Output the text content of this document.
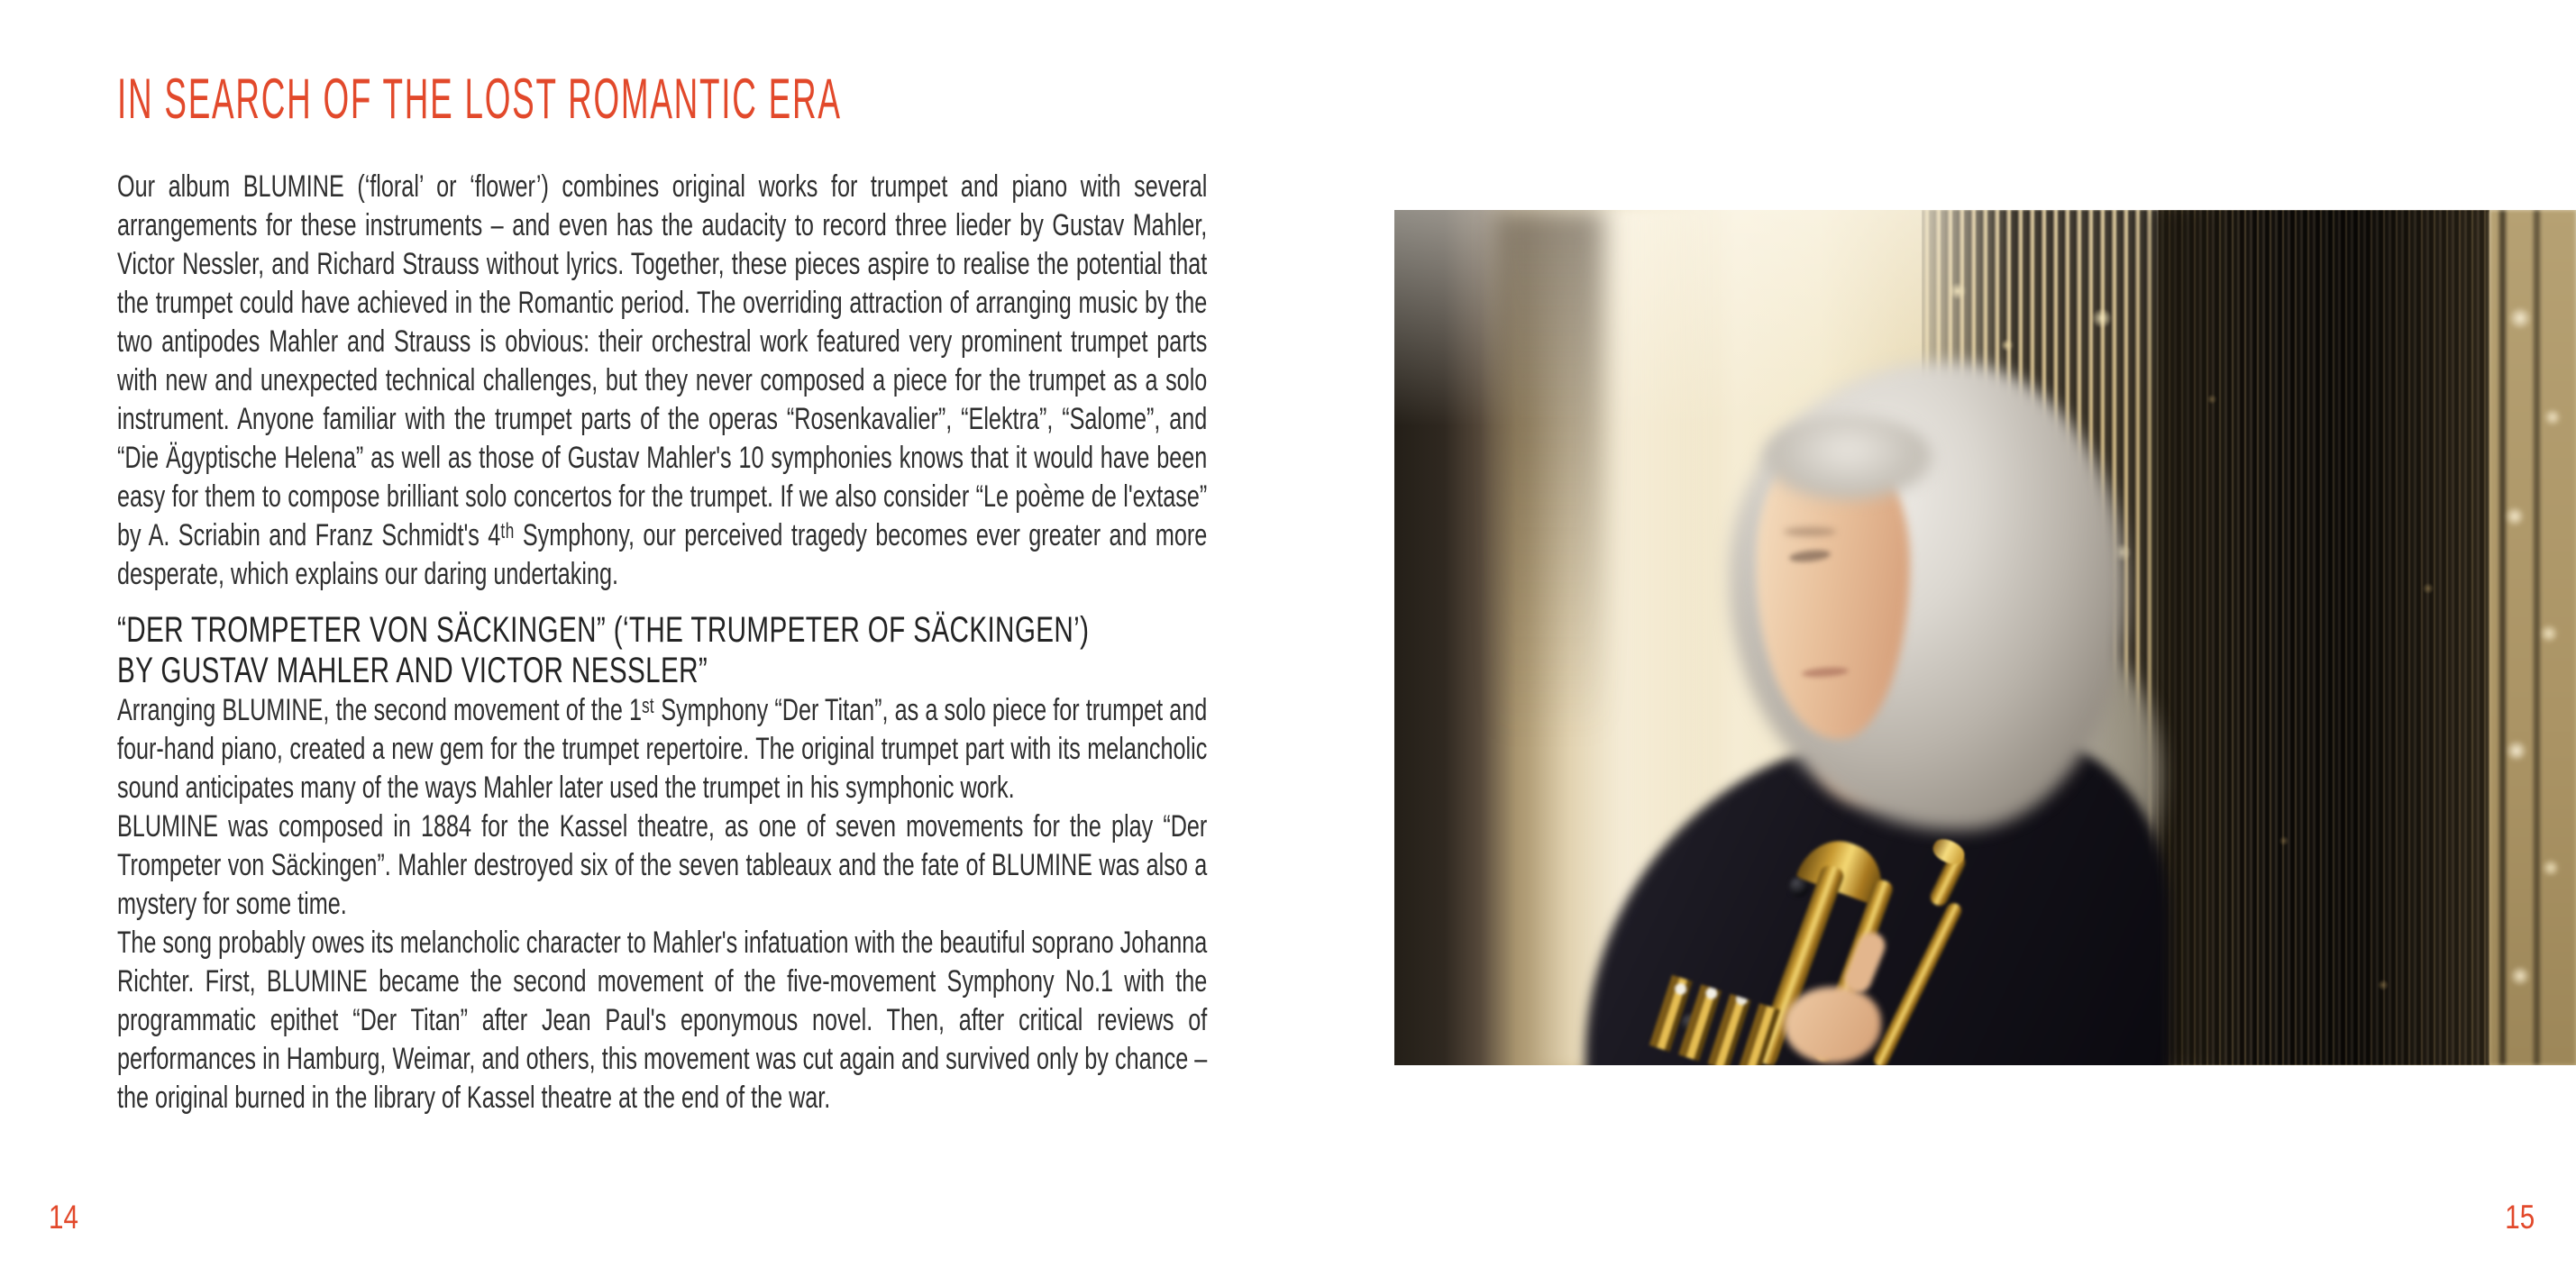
IN SEARCH OF THE LOST ROMANTIC ERA

Our album BLUMINE (‘floral’ or ‘flower’) combines original works for trumpet and piano with several arrangements for these instruments – and even has the audacity to record three lieder by Gustav Mahler, Victor Nessler, and Richard Strauss without lyrics. Together, these pieces aspire to realise the potential that the trumpet could have achieved in the Romantic period. The overriding attraction of arranging music by the two antipodes Mahler and Strauss is obvious: their orchestral work featured very prominent trumpet parts with new and unexpected technical challenges, but they never composed a piece for the trumpet as a solo instrument. Anyone familiar with the trumpet parts of the operas “Rosenkavalier”, “Elektra”, “Salome”, and “Die Ägyptische Helena” as well as those of Gustav Mahler's 10 symphonies knows that it would have been easy for them to compose brilliant solo concertos for the trumpet. If we also consider “Le poème de l'extase” by A. Scriabin and Franz Schmidt's 4ᵗʰ Symphony, our perceived tragedy becomes ever greater and more desperate, which explains our daring undertaking.

“DER TROMPETER VON SÄCKINGEN” (‘THE TRUMPETER OF SÄCKINGEN’)
BY GUSTAV MAHLER AND VICTOR NESSLER”

Arranging BLUMINE, the second movement of the 1ˢᵗ Symphony “Der Titan”, as a solo piece for trumpet and four-hand piano, created a new gem for the trumpet repertoire. The original trumpet part with its melancholic sound anticipates many of the ways Mahler later used the trumpet in his symphonic work.

BLUMINE was composed in 1884 for the Kassel theatre, as one of seven movements for the play “Der Trompeter von Säckingen”. Mahler destroyed six of the seven tableaux and the fate of BLUMINE was also a mystery for some time.

The song probably owes its melancholic character to Mahler's infatuation with the beautiful soprano Johanna Richter. First, BLUMINE became the second movement of the five-movement Symphony No.1 with the programmatic epithet “Der Titan” after Jean Paul's eponymous novel. Then, after critical reviews of performances in Hamburg, Weimar, and others, this movement was cut again and survived only by chance – the original burned in the library of Kassel theatre at the end of the war.

14	15
